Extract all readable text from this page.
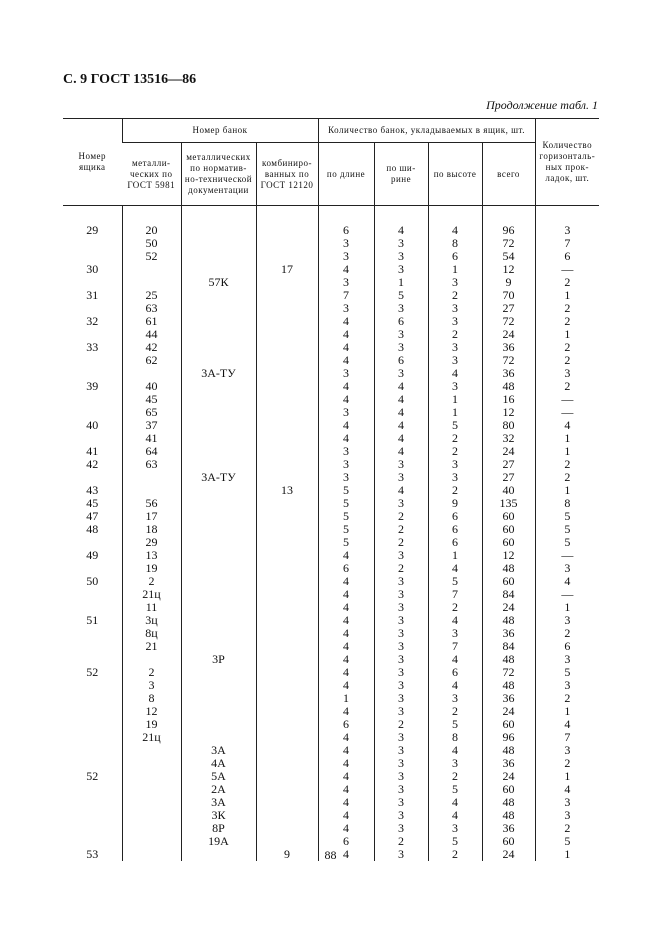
С. 9 ГОСТ 13516—86
Продолжение табл. 1
Номер ящика	Номер банок			Количество банок, укладываемых в ящик, шт.				Количество горизонталь-ных прок-ладок, шт.
	металли-ческих по ГОСТ 5981	металлических по норматив-но-технической документации	комбиниро-ванных по ГОСТ 12120	по длине	по ши-рине	по высоте	всего	

29	20			6	4	4	96	3
	50			3	3	8	72	7
	52			3	3	6	54	6
30			17	4	3	1	12	—
		57К		3	1	3	9	2
31	25			7	5	2	70	1
	63			3	3	3	27	2
32	61			4	6	3	72	2
	44			4	3	2	24	1
33	42			4	3	3	36	2
	62			4	6	3	72	2
		3А-ТУ		3	3	4	36	3
39	40			4	4	3	48	2
	45			4	4	1	16	—
	65			3	4	1	12	—
40	37			4	4	5	80	4
	41			4	4	2	32	1
41	64			3	4	2	24	1
42	63			3	3	3	27	2
		3А-ТУ		3	3	3	27	2
43			13	5	4	2	40	1
45	56			5	3	9	135	8
47	17			5	2	6	60	5
48	18			5	2	6	60	5
	29			5	2	6	60	5
49	13			4	3	1	12	—
	19			6	2	4	48	3
50	2			4	3	5	60	4
	21ц			4	3	7	84	—
	11			4	3	2	24	1
51	3ц			4	3	4	48	3
	8ц			4	3	3	36	2
	21			4	3	7	84	6
		3Р		4	3	4	48	3
52	2			4	3	6	72	5
	3			4	3	4	48	3
	8			1	3	3	36	2
	12			4	3	2	24	1
	19			6	2	5	60	4
	21ц			4	3	8	96	7
		3А		4	3	4	48	3
		4А		4	3	3	36	2
52		5А		4	3	2	24	1
		2А		4	3	5	60	4
		3А		4	3	4	48	3
		3К		4	3	4	48	3
		8Р		4	3	3	36	2
		19А		6	2	5	60	5
53			9	4	3	2	24	1
88
